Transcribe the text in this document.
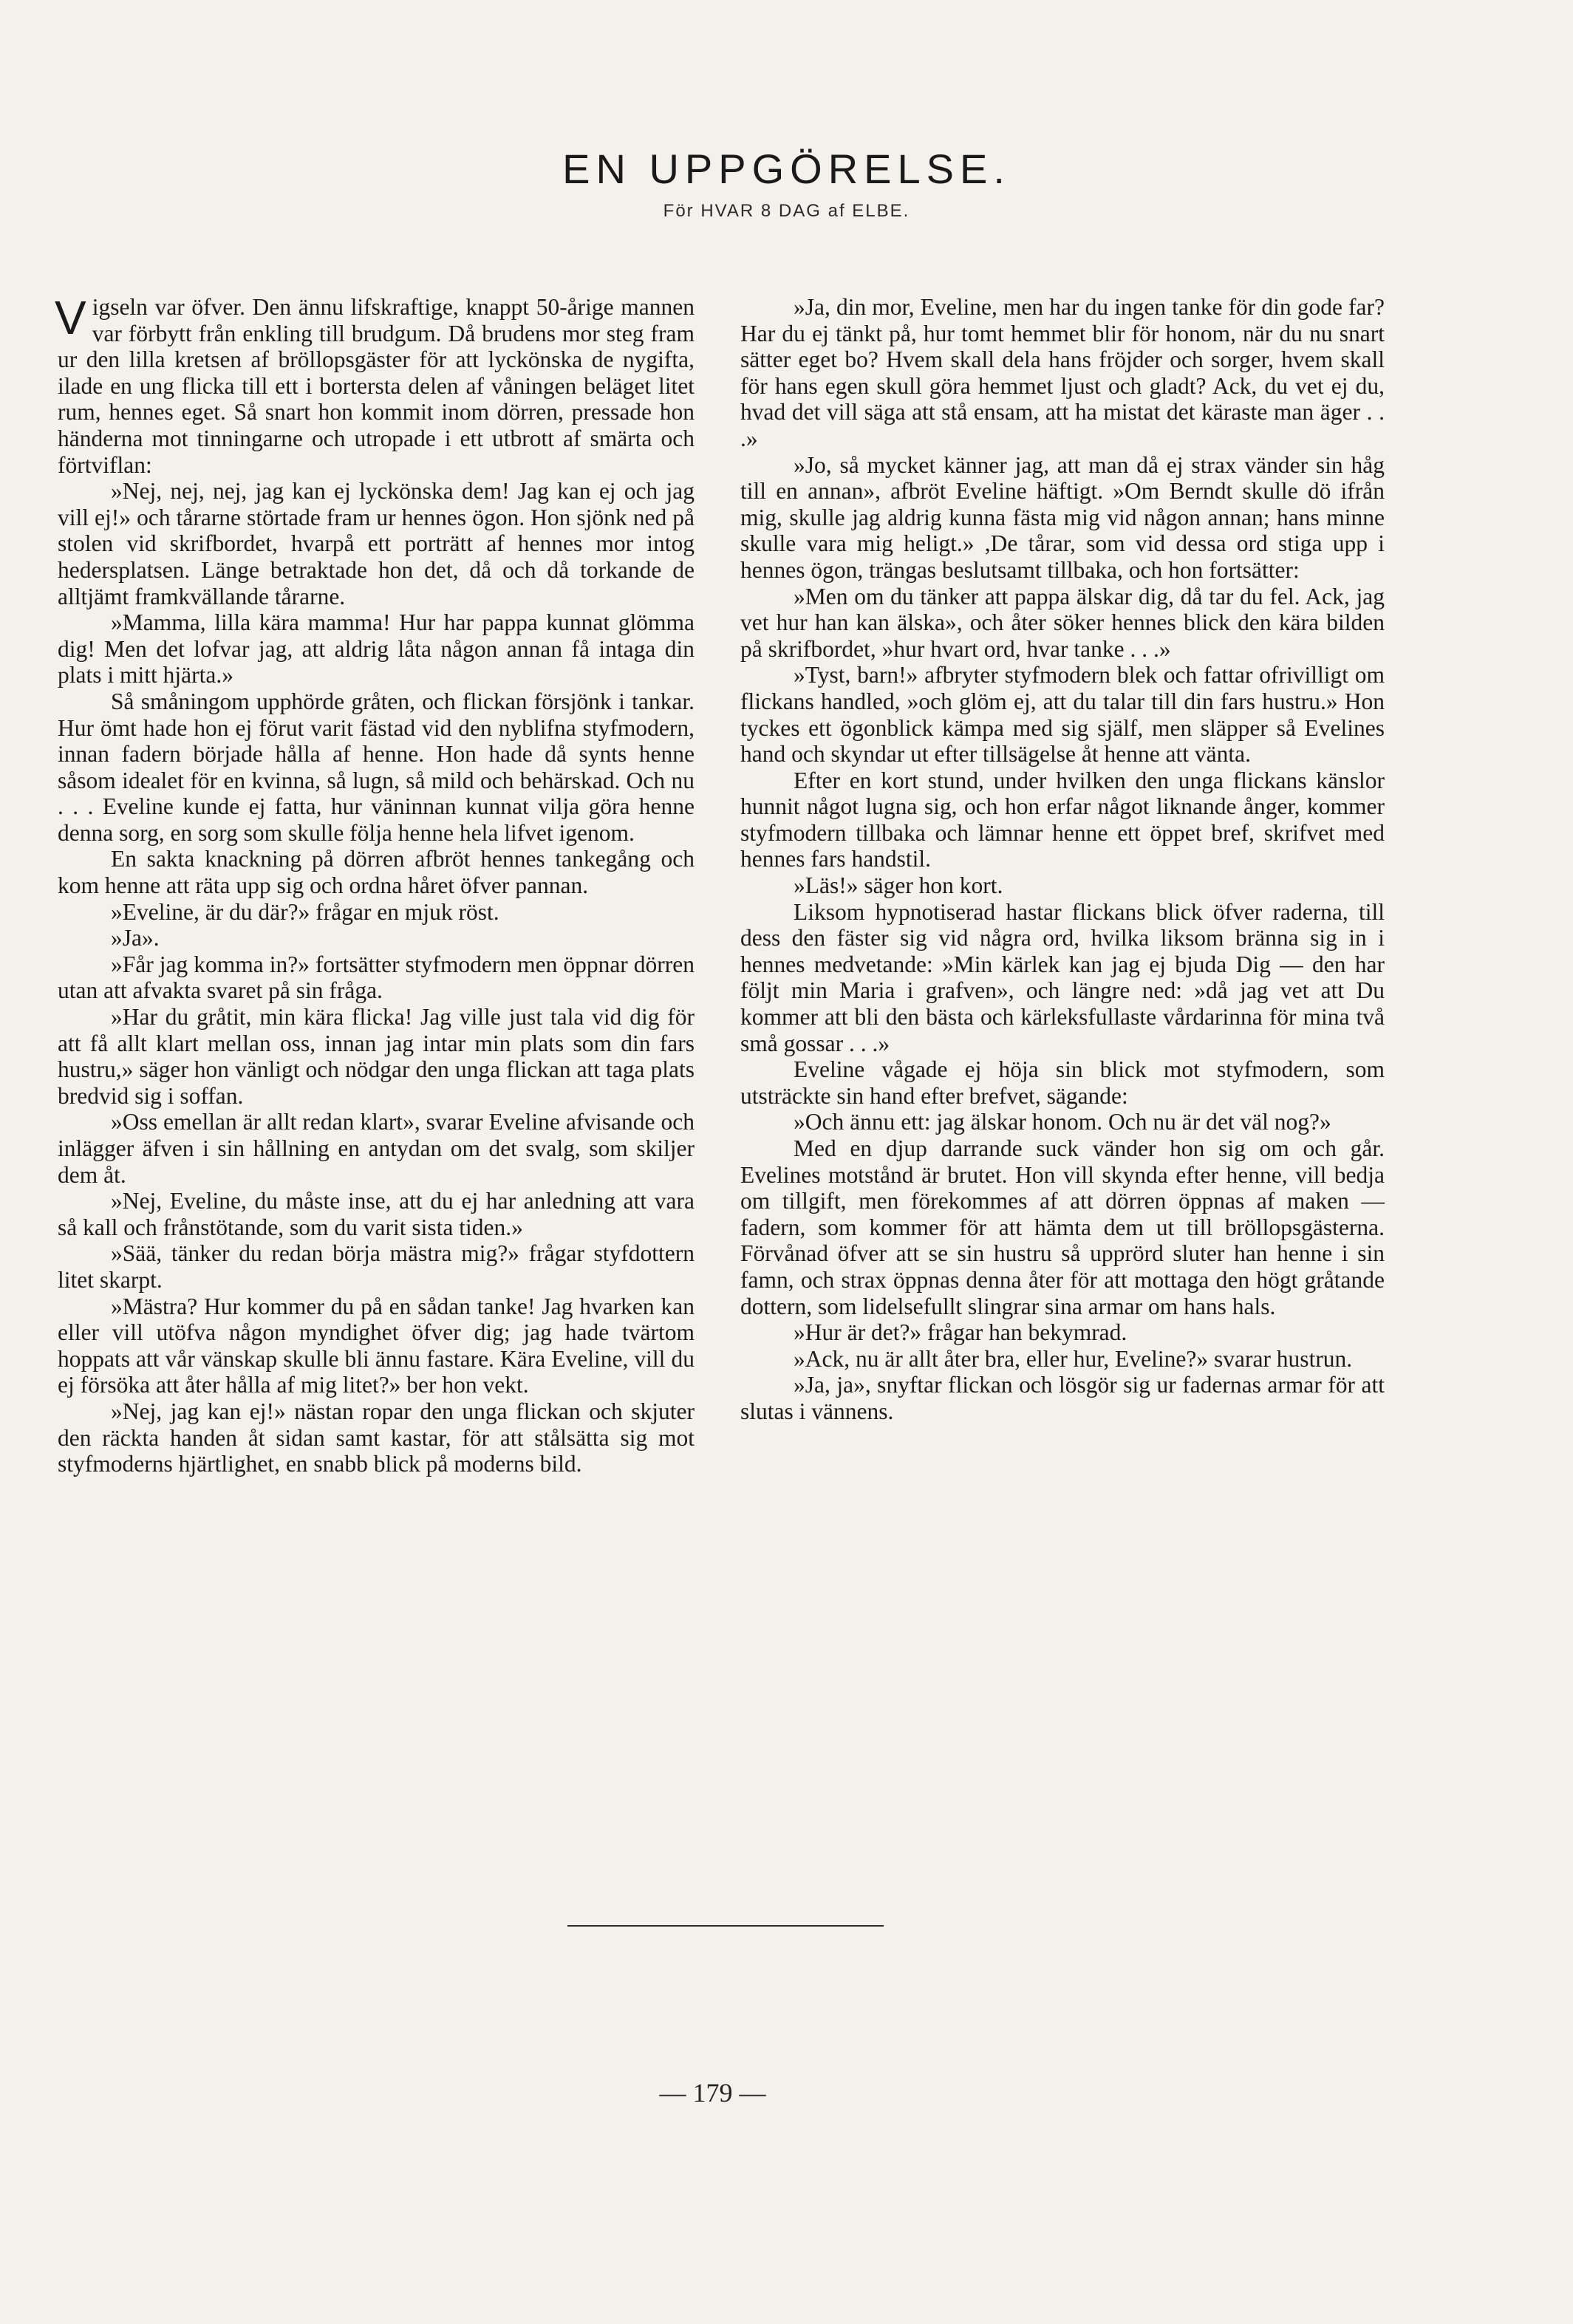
EN UPPGÖRELSE.
För HVAR 8 DAG af ELBE.

Vigseln var öfver. Den ännu lifskraftige, knappt 50-årige mannen var förbytt från enkling till brudgum. Då brudens mor steg fram ur den lilla kretsen af bröllopsgäster för att lyckönska de nygifta, ilade en ung flicka till ett i bortersta delen af våningen beläget litet rum, hennes eget. Så snart hon kommit inom dörren, pressade hon händerna mot tinningarne och utropade i ett utbrott af smärta och förtviflan:

»Nej, nej, nej, jag kan ej lyckönska dem! Jag kan ej och jag vill ej!» och tårarne störtade fram ur hennes ögon. Hon sjönk ned på stolen vid skrifbordet, hvarpå ett porträtt af hennes mor intog hedersplatsen. Länge betraktade hon det, då och då torkande de alltjämt framkvällande tårarne.

»Mamma, lilla kära mamma! Hur har pappa kunnat glömma dig! Men det lofvar jag, att aldrig låta någon annan få intaga din plats i mitt hjärta.»

Så småningom upphörde gråten, och flickan försjönk i tankar. Hur ömt hade hon ej förut varit fästad vid den nyblifna styfmodern, innan fadern började hålla af henne. Hon hade då synts henne såsom idealet för en kvinna, så lugn, så mild och behärskad. Och nu . . . Eveline kunde ej fatta, hur väninnan kunnat vilja göra henne denna sorg, en sorg som skulle följa henne hela lifvet igenom.

En sakta knackning på dörren afbröt hennes tankegång och kom henne att räta upp sig och ordna håret öfver pannan.

»Eveline, är du där?» frågar en mjuk röst.

»Ja».

»Får jag komma in?» fortsätter styfmodern men öppnar dörren utan att afvakta svaret på sin fråga.

»Har du gråtit, min kära flicka! Jag ville just tala vid dig för att få allt klart mellan oss, innan jag intar min plats som din fars hustru,» säger hon vänligt och nödgar den unga flickan att taga plats bredvid sig i soffan.

»Oss emellan är allt redan klart», svarar Eveline afvisande och inlägger äfven i sin hållning en antydan om det svalg, som skiljer dem åt.

»Nej, Eveline, du måste inse, att du ej har anledning att vara så kall och frånstötande, som du varit sista tiden.»

»Sää, tänker du redan börja mästra mig?» frågar styfdottern litet skarpt.

»Mästra? Hur kommer du på en sådan tanke! Jag hvarken kan eller vill utöfva någon myndighet öfver dig; jag hade tvärtom hoppats att vår vänskap skulle bli ännu fastare. Kära Eveline, vill du ej försöka att åter hålla af mig litet?» ber hon vekt.

»Nej, jag kan ej!» nästan ropar den unga flickan och skjuter den räckta handen åt sidan samt kastar, för att stålsätta sig mot styfmoderns hjärtlighet, en snabb blick på moderns bild.

»Ja, din mor, Eveline, men har du ingen tanke för din gode far? Har du ej tänkt på, hur tomt hemmet blir för honom, när du nu snart sätter eget bo? Hvem skall dela hans fröjder och sorger, hvem skall för hans egen skull göra hemmet ljust och gladt? Ack, du vet ej du, hvad det vill säga att stå ensam, att ha mistat det käraste man äger . . .»

»Jo, så mycket känner jag, att man då ej strax vänder sin håg till en annan», afbröt Eveline häftigt. »Om Berndt skulle dö ifrån mig, skulle jag aldrig kunna fästa mig vid någon annan; hans minne skulle vara mig heligt.» ,De tårar, som vid dessa ord stiga upp i hennes ögon, trängas beslutsamt tillbaka, och hon fortsätter:

»Men om du tänker att pappa älskar dig, då tar du fel. Ack, jag vet hur han kan älska», och åter söker hennes blick den kära bilden på skrifbordet, »hur hvart ord, hvar tanke . . .»

»Tyst, barn!» afbryter styfmodern blek och fattar ofrivilligt om flickans handled, »och glöm ej, att du talar till din fars hustru.» Hon tyckes ett ögonblick kämpa med sig själf, men släpper så Evelines hand och skyndar ut efter tillsägelse åt henne att vänta.

Efter en kort stund, under hvilken den unga flickans känslor hunnit något lugna sig, och hon erfar något liknande ånger, kommer styfmodern tillbaka och lämnar henne ett öppet bref, skrifvet med hennes fars handstil.

»Läs!» säger hon kort.

Liksom hypnotiserad hastar flickans blick öfver raderna, till dess den fäster sig vid några ord, hvilka liksom bränna sig in i hennes medvetande: »Min kärlek kan jag ej bjuda Dig — den har följt min Maria i grafven», och längre ned: »då jag vet att Du kommer att bli den bästa och kärleksfullaste vårdarinna för mina två små gossar . . .»

Eveline vågade ej höja sin blick mot styfmodern, som utsträckte sin hand efter brefvet, sägande:

»Och ännu ett: jag älskar honom. Och nu är det väl nog?»

Med en djup darrande suck vänder hon sig om och går. Evelines motstånd är brutet. Hon vill skynda efter henne, vill bedja om tillgift, men förekommes af att dörren öppnas af maken — fadern, som kommer för att hämta dem ut till bröllopsgästerna. Förvånad öfver att se sin hustru så upprörd sluter han henne i sin famn, och strax öppnas denna åter för att mottaga den högt gråtande dottern, som lidelsefullt slingrar sina armar om hans hals.

»Hur är det?» frågar han bekymrad.

»Ack, nu är allt åter bra, eller hur, Eveline?» svarar hustrun.

»Ja, ja», snyftar flickan och lösgör sig ur fadernas armar för att slutas i vännens.

— 179 —
